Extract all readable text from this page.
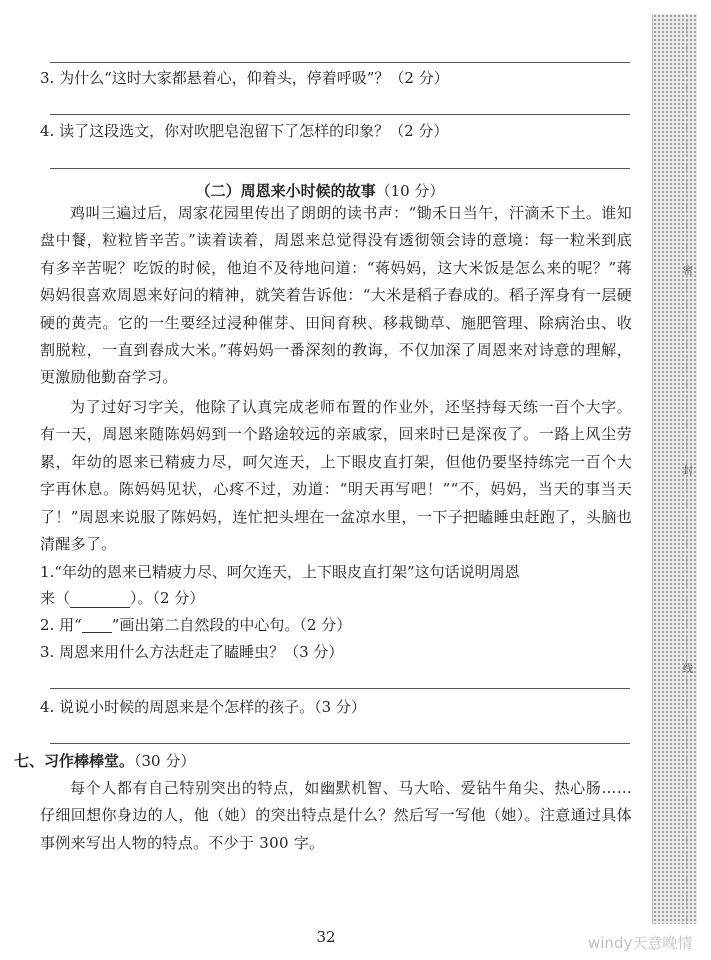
3. 为什么“这时大家都悬着心，仰着头，停着呼吸”？（2 分）
4. 读了这段选文，你对吹肥皂泡留下了怎样的印象？（2 分）
（二）周恩来小时候的故事（10 分）
鸡叫三遍过后，周家花园里传出了朗朗的读书声：“锄禾日当午，汗滴禾下土。谁知盘中餐，粒粒皆辛苦。”读着读着，周恩来总觉得没有透彻领会诗的意境：每一粒米到底有多辛苦呢？吃饭的时候，他迫不及待地问道：“蒋妈妈，这大米饭是怎么来的呢？”蒋妈妈很喜欢周恩来好问的精神，就笑着告诉他：“大米是稻子舂成的。稻子浑身有一层硬硬的黄壳。它的一生要经过浸种催芽、田间育秧、移栽锄草、施肥管理、除病治虫、收割脱粒，一直到舂成大米。”蒋妈妈一番深刻的教诲，不仅加深了周恩来对诗意的理解，更激励他勤奋学习。
为了过好习字关，他除了认真完成老师布置的作业外，还坚持每天练一百个大字。有一天，周恩来随陈妈妈到一个路途较远的亲戚家，回来时已是深夜了。一路上风尘劳累，年幼的恩来已精疲力尽，呵欠连天，上下眼皮直打架，但他仍要坚持练完一百个大字再休息。陈妈妈见状，心疼不过，劝道：“明天再写吧！”“不，妈妈，当天的事当天了！”周恩来说服了陈妈妈，连忙把头埋在一盆凉水里，一下子把瞌睡虫赶跑了，头脑也清醒多了。
1.“年幼的恩来已精疲力尽、呵欠连天，上下眼皮直打架”这句话说明周恩
来（	）。（2 分）
2. 用“ ”画出第二自然段的中心句。（2 分）
3. 周恩来用什么方法赶走了瞌睡虫？（3 分）
4. 说说小时候的周恩来是个怎样的孩子。（3 分）
七、习作棒棒堂。（30 分）
每个人都有自己特别突出的特点，如幽默机智、马大哈、爱钻牛角尖、热心肠……仔细回想你身边的人，他（她）的突出特点是什么？然后写一写他（她）。注意通过具体事例来写出人物的特点。不少于 300 字。
密
封
线
32	windy天意晚情
